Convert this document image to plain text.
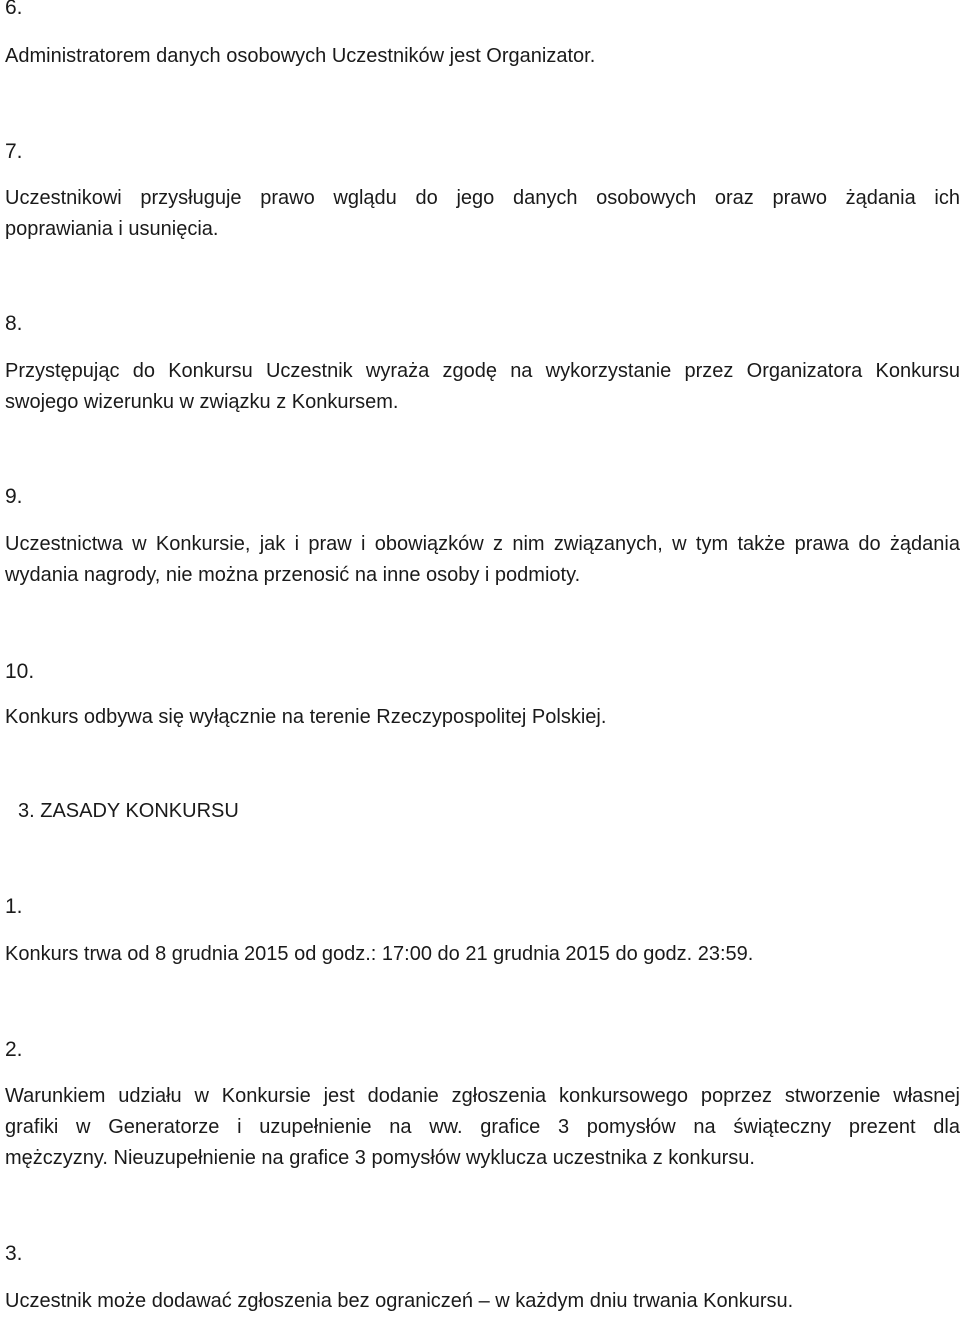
6.
Administratorem danych osobowych Uczestników jest Organizator.
7.
Uczestnikowi przysługuje prawo wglądu do jego danych osobowych oraz prawo żądania ich
poprawiania i usunięcia.
8.
Przystępując do Konkursu Uczestnik wyraża zgodę na wykorzystanie przez Organizatora Konkursu
swojego wizerunku w związku z Konkursem.
9.
Uczestnictwa w Konkursie, jak i praw i obowiązków z nim związanych, w tym także prawa do żądania
wydania nagrody, nie można przenosić na inne osoby i podmioty.
10.
Konkurs odbywa się wyłącznie na terenie Rzeczypospolitej Polskiej.
3. ZASADY KONKURSU
1.
Konkurs trwa od 8 grudnia 2015 od godz.: 17:00 do 21 grudnia 2015 do godz. 23:59.
2.
Warunkiem udziału w Konkursie jest dodanie zgłoszenia konkursowego poprzez stworzenie własnej
grafiki w Generatorze i uzupełnienie na ww. grafice 3 pomysłów na świąteczny prezent dla
mężczyzny. Nieuzupełnienie na grafice 3 pomysłów wyklucza uczestnika z konkursu.
3.
Uczestnik może dodawać zgłoszenia bez ograniczeń – w każdym dniu trwania Konkursu.
